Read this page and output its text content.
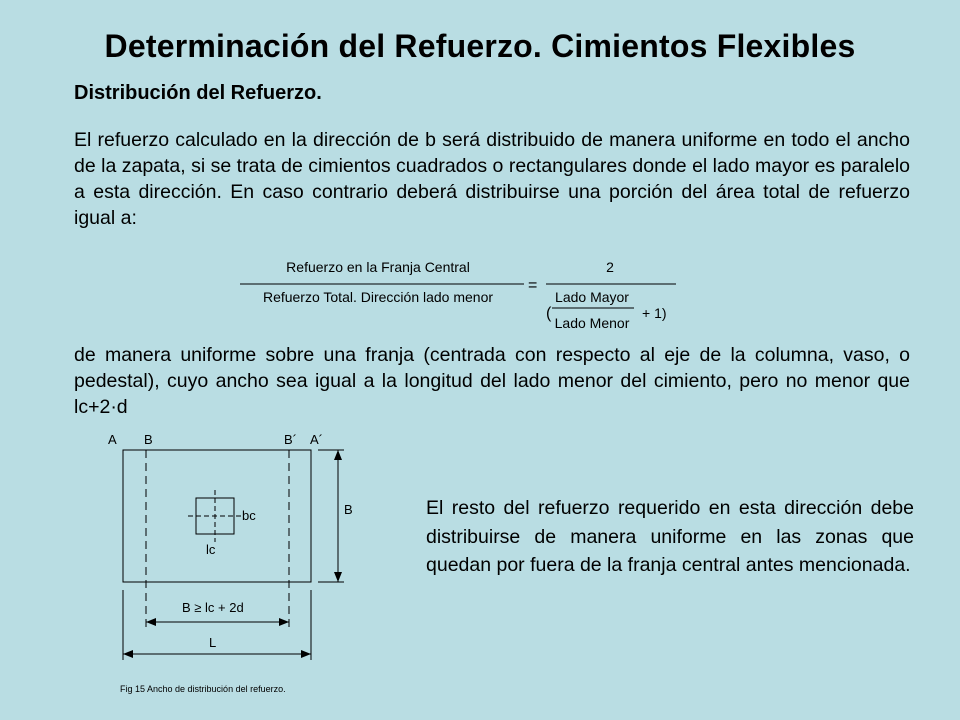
Determinación del Refuerzo. Cimientos Flexibles
Distribución del Refuerzo.
El refuerzo calculado en la dirección de b será distribuido de manera uniforme en todo el ancho de la zapata, si se trata de cimientos cuadrados o rectangulares donde el lado mayor es paralelo a esta dirección. En caso contrario deberá distribuirse una porción del área total de refuerzo igual a:
Refuerzo en la Franja Central
Refuerzo Total. Dirección lado menor
=
2
(
Lado Mayor
Lado Menor
+ 1)
de manera uniforme sobre una franja (centrada con respecto al eje de la columna, vaso, o pedestal), cuyo ancho sea igual a la longitud del lado menor del cimiento, pero no menor que lc+2·d
A B	B´ A´
bc
lc
B
B ≥ lc + 2d
L
Fig 15 Ancho de distribución del refuerzo.
El resto del refuerzo requerido en esta dirección debe distribuirse de manera uniforme en las zonas que quedan por fuera de la franja central antes mencionada.
